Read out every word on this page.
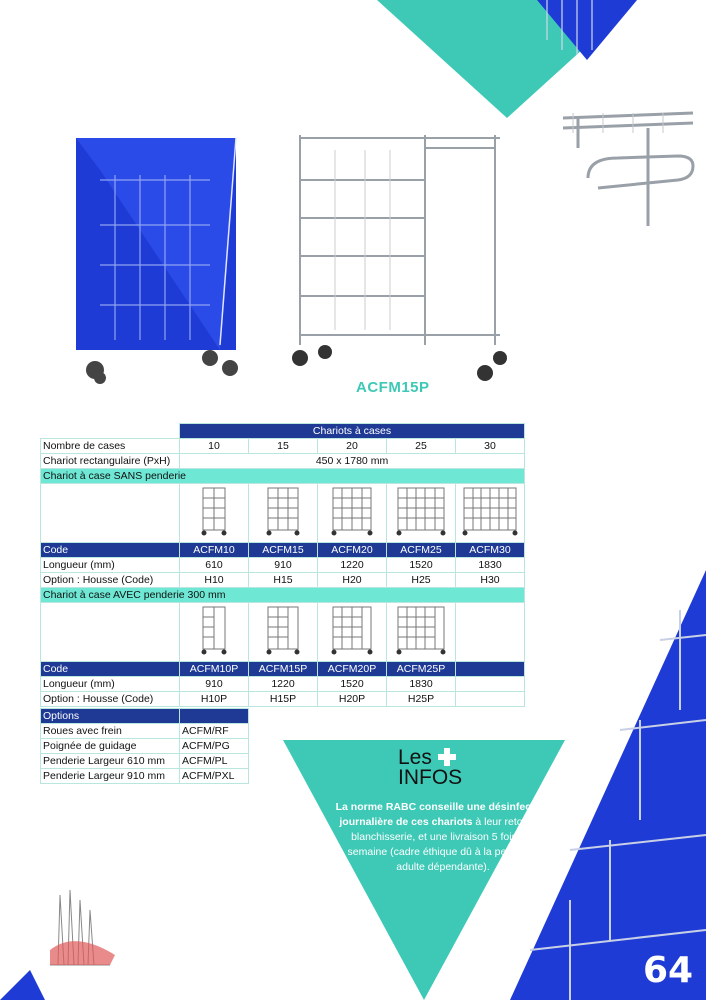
ACFM15P
	Chariots à cases				
Nombre de cases	10	15	20	25	30
Chariot rectangulaire (PxH)	450 x 1780 mm				
Chariot à case SANS penderie					

Code	ACFM10	ACFM15	ACFM20	ACFM25	ACFM30
Longueur (mm)	610	910	1220	1520	1830
Option : Housse (Code)	H10	H15	H20	H25	H30
Chariot à case AVEC penderie 300 mm					

Code	ACFM10P	ACFM15P	ACFM20P	ACFM25P	
Longueur (mm)	910	1220	1520	1830	
Option : Housse (Code)	H10P	H15P	H20P	H25P	
Options	
Roues avec frein	ACFM/RF
Poignée de guidage	ACFM/PG
Penderie Largeur 610 mm	ACFM/PL
Penderie Largeur 910 mm	ACFM/PXL
Les
INFOS
La norme RABC conseille une désinfection journalière de ces chariots à leur retour en blanchisserie, et une livraison 5 fois par semaine (cadre éthique dû à la personne adulte dépendante).
64
